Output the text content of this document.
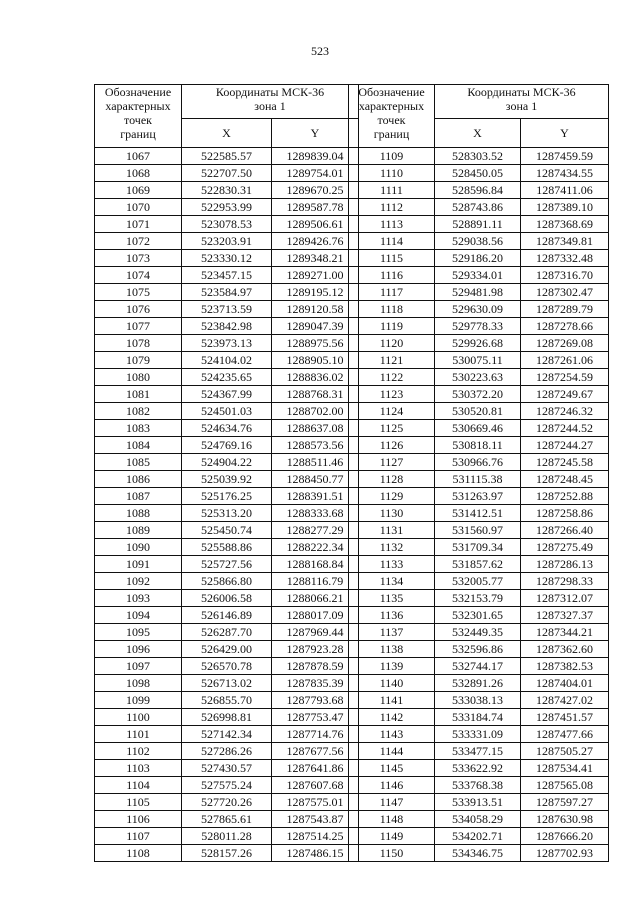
523
Обозначение
характерных
точек
границ	Координаты МСК-36
зона 1	

	X	Y
1067	522585.57	1289839.04
1068	522707.50	1289754.01
1069	522830.31	1289670.25
1070	522953.99	1289587.78
1071	523078.53	1289506.61
1072	523203.91	1289426.76
1073	523330.12	1289348.21
1074	523457.15	1289271.00
1075	523584.97	1289195.12
1076	523713.59	1289120.58
1077	523842.98	1289047.39
1078	523973.13	1288975.56
1079	524104.02	1288905.10
1080	524235.65	1288836.02
1081	524367.99	1288768.31
1082	524501.03	1288702.00
1083	524634.76	1288637.08
1084	524769.16	1288573.56
1085	524904.22	1288511.46
1086	525039.92	1288450.77
1087	525176.25	1288391.51
1088	525313.20	1288333.68
1089	525450.74	1288277.29
1090	525588.86	1288222.34
1091	525727.56	1288168.84
1092	525866.80	1288116.79
1093	526006.58	1288066.21
1094	526146.89	1288017.09
1095	526287.70	1287969.44
1096	526429.00	1287923.28
1097	526570.78	1287878.59
1098	526713.02	1287835.39
1099	526855.70	1287793.68
1100	526998.81	1287753.47
1101	527142.34	1287714.76
1102	527286.26	1287677.56
1103	527430.57	1287641.86
1104	527575.24	1287607.68
1105	527720.26	1287575.01
1106	527865.61	1287543.87
1107	528011.28	1287514.25
1108	528157.26	1287486.15
Обозначение
характерных
точек
границ	Координаты МСК-36
зона 1	

	X	Y
1109	528303.52	1287459.59
1110	528450.05	1287434.55
1111	528596.84	1287411.06
1112	528743.86	1287389.10
1113	528891.11	1287368.69
1114	529038.56	1287349.81
1115	529186.20	1287332.48
1116	529334.01	1287316.70
1117	529481.98	1287302.47
1118	529630.09	1287289.79
1119	529778.33	1287278.66
1120	529926.68	1287269.08
1121	530075.11	1287261.06
1122	530223.63	1287254.59
1123	530372.20	1287249.67
1124	530520.81	1287246.32
1125	530669.46	1287244.52
1126	530818.11	1287244.27
1127	530966.76	1287245.58
1128	531115.38	1287248.45
1129	531263.97	1287252.88
1130	531412.51	1287258.86
1131	531560.97	1287266.40
1132	531709.34	1287275.49
1133	531857.62	1287286.13
1134	532005.77	1287298.33
1135	532153.79	1287312.07
1136	532301.65	1287327.37
1137	532449.35	1287344.21
1138	532596.86	1287362.60
1139	532744.17	1287382.53
1140	532891.26	1287404.01
1141	533038.13	1287427.02
1142	533184.74	1287451.57
1143	533331.09	1287477.66
1144	533477.15	1287505.27
1145	533622.92	1287534.41
1146	533768.38	1287565.08
1147	533913.51	1287597.27
1148	534058.29	1287630.98
1149	534202.71	1287666.20
1150	534346.75	1287702.93
